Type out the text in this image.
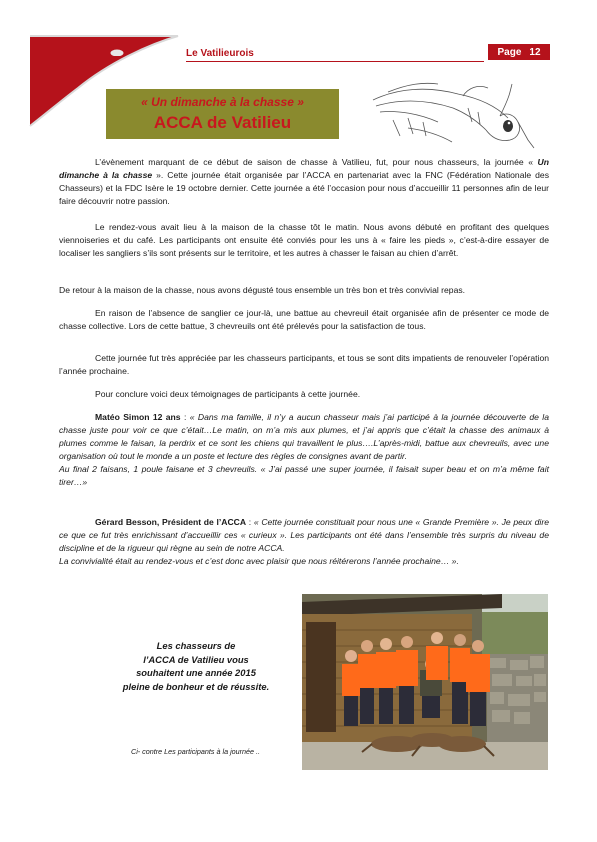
Le Vatilieurois	Page 12
« Un dimanche à la chasse »
ACCA de Vatilieu

L’évènement marquant de ce début de saison de chasse à Vatilieu, fut, pour nous chasseurs, la journée « Un dimanche à la chasse ». Cette journée était organisée par l’ACCA en partenariat avec la FNC (Fédération Nationale des Chasseurs) et la FDC Isère le 19 octobre dernier. Cette journée a été l’occasion pour nous d’accueillir 11 personnes afin de leur faire découvrir notre passion.

Le rendez-vous avait lieu à la maison de la chasse tôt le matin. Nous avons débuté en profitant des quelques viennoiseries et du café. Les participants ont ensuite été conviés pour les uns à « faire les pieds », c’est-à-dire essayer de localiser les sangliers s’ils sont présents sur le territoire, et les autres à chasser le faisan au chien d’arrêt.

De retour à la maison de la chasse, nous avons dégusté tous ensemble un très bon et très convivial repas.

En raison de l’absence de sanglier ce jour-là, une battue au chevreuil était organisée afin de présenter ce mode de chasse collective. Lors de cette battue, 3 chevreuils ont été prélevés pour la satisfaction de tous.

Cette journée fut très appréciée par les chasseurs participants, et tous se sont dits impatients de renouveler l’opération l’année prochaine.

Pour conclure voici deux témoignages de participants à cette journée.

Matéo Simon 12 ans : « Dans ma famille, il n’y a aucun chasseur mais j’ai participé à la journée découverte de la chasse juste pour voir ce que c’était…Le matin, on m’a mis aux plumes, et j’ai appris que c’était la chasse des animaux à plumes comme le faisan, la perdrix et ce sont les chiens qui travaillent le plus….L’après-midi, battue aux chevreuils, avec une organisation où tout le monde a un poste et lecture des règles de consignes avant de partir.
Au final 2 faisans, 1 poule faisane et 3 chevreuils. « J’ai passé une super journée, il faisait super beau et on m’a même fait tirer…»

Gérard Besson, Président de l’ACCA : « Cette journée constituait pour nous une « Grande Première ». Je peux dire ce que ce fut très enrichissant d’accueillir ces « curieux ». Les participants ont été dans l’ensemble très surpris du niveau de discipline et de la rigueur qui règne au sein de notre ACCA.
La convivialité était au rendez-vous et c’est donc avec plaisir que nous réitérerons l’année prochaine… ».

Les chasseurs de
l’ACCA de Vatilieu vous
souhaitent une année 2015
pleine de bonheur et de réussite.
Ci- contre Les participants à la journée ..
